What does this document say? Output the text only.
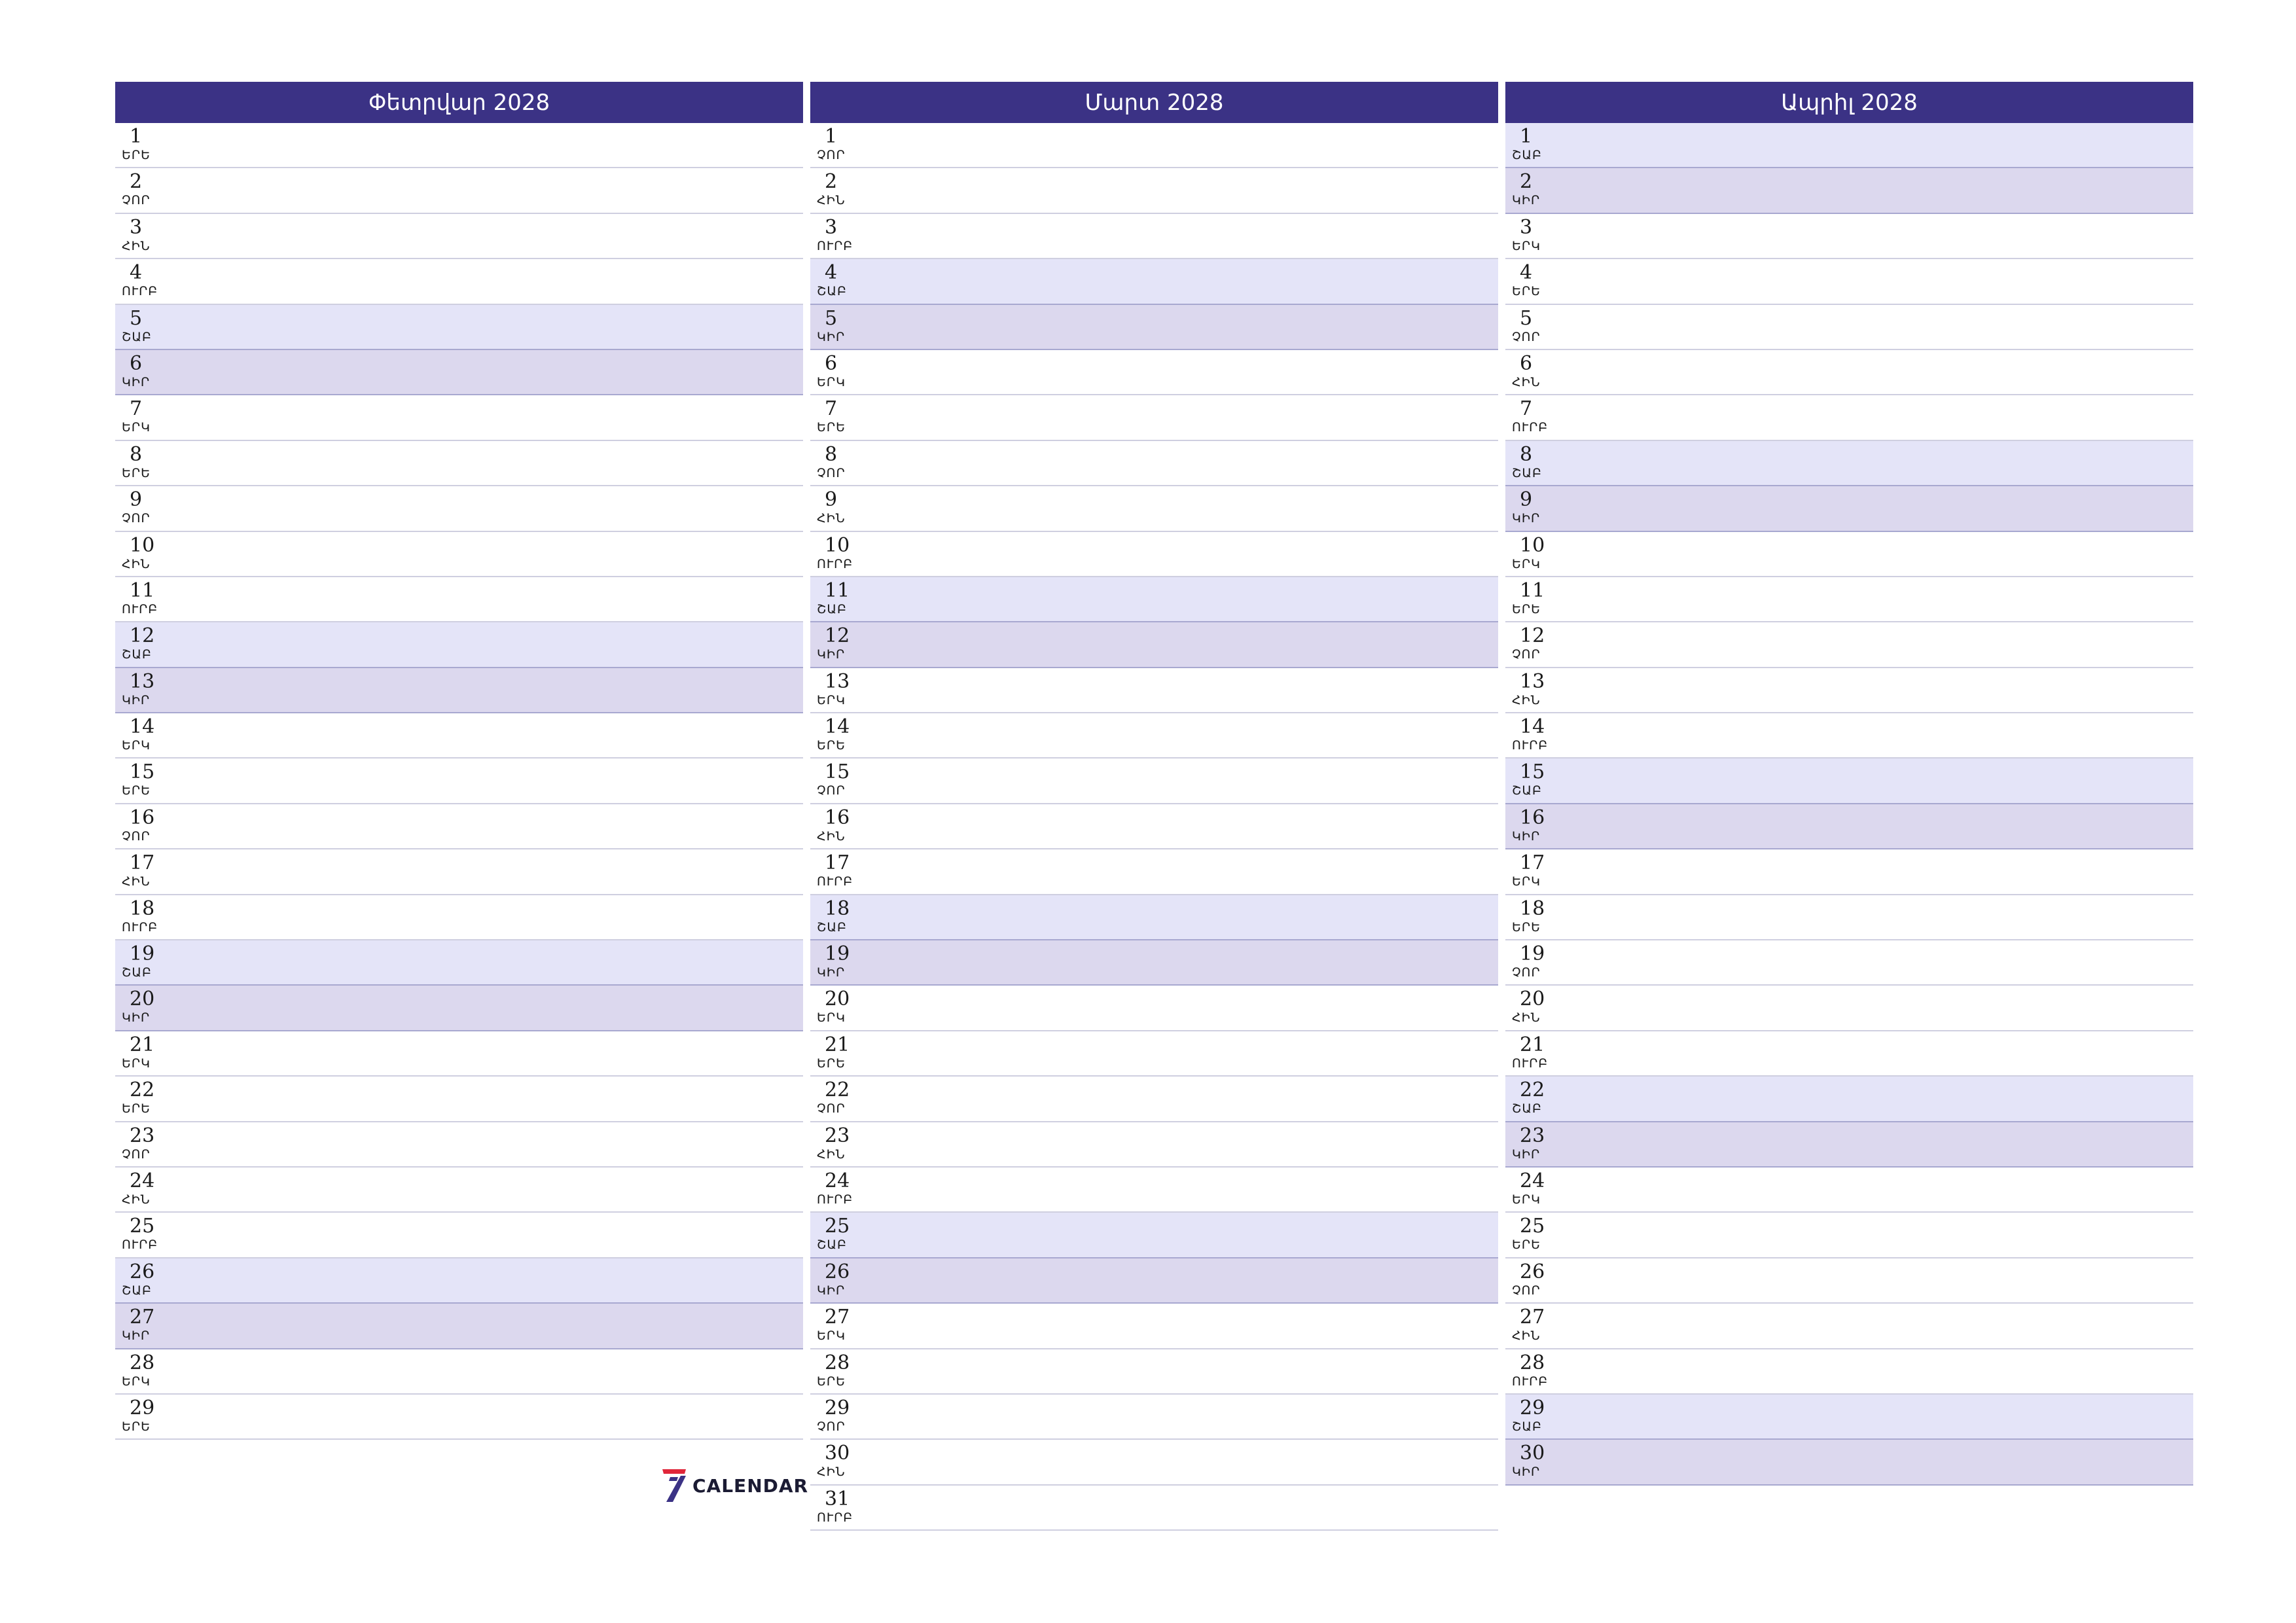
Փետրվար 2028
1
ԵՐԵ
2
ՉՈՐ
3
ՀԻՆ
4
ՈՒՐԲ
5
ՇԱԲ
6
ԿԻՐ
7
ԵՐԿ
8
ԵՐԵ
9
ՉՈՐ
10
ՀԻՆ
11
ՈՒՐԲ
12
ՇԱԲ
13
ԿԻՐ
14
ԵՐԿ
15
ԵՐԵ
16
ՉՈՐ
17
ՀԻՆ
18
ՈՒՐԲ
19
ՇԱԲ
20
ԿԻՐ
21
ԵՐԿ
22
ԵՐԵ
23
ՉՈՐ
24
ՀԻՆ
25
ՈՒՐԲ
26
ՇԱԲ
27
ԿԻՐ
28
ԵՐԿ
29
ԵՐԵ
Մարտ 2028
1
ՉՈՐ
2
ՀԻՆ
3
ՈՒՐԲ
4
ՇԱԲ
5
ԿԻՐ
6
ԵՐԿ
7
ԵՐԵ
8
ՉՈՐ
9
ՀԻՆ
10
ՈՒՐԲ
11
ՇԱԲ
12
ԿԻՐ
13
ԵՐԿ
14
ԵՐԵ
15
ՉՈՐ
16
ՀԻՆ
17
ՈՒՐԲ
18
ՇԱԲ
19
ԿԻՐ
20
ԵՐԿ
21
ԵՐԵ
22
ՉՈՐ
23
ՀԻՆ
24
ՈՒՐԲ
25
ՇԱԲ
26
ԿԻՐ
27
ԵՐԿ
28
ԵՐԵ
29
ՉՈՐ
30
ՀԻՆ
31
ՈՒՐԲ
Ապրիլ 2028
1
ՇԱԲ
2
ԿԻՐ
3
ԵՐԿ
4
ԵՐԵ
5
ՉՈՐ
6
ՀԻՆ
7
ՈՒՐԲ
8
ՇԱԲ
9
ԿԻՐ
10
ԵՐԿ
11
ԵՐԵ
12
ՉՈՐ
13
ՀԻՆ
14
ՈՒՐԲ
15
ՇԱԲ
16
ԿԻՐ
17
ԵՐԿ
18
ԵՐԵ
19
ՉՈՐ
20
ՀԻՆ
21
ՈՒՐԲ
22
ՇԱԲ
23
ԿԻՐ
24
ԵՐԿ
25
ԵՐԵ
26
ՉՈՐ
27
ՀԻՆ
28
ՈՒՐԲ
29
ՇԱԲ
30
ԿԻՐ
CALENDAR
